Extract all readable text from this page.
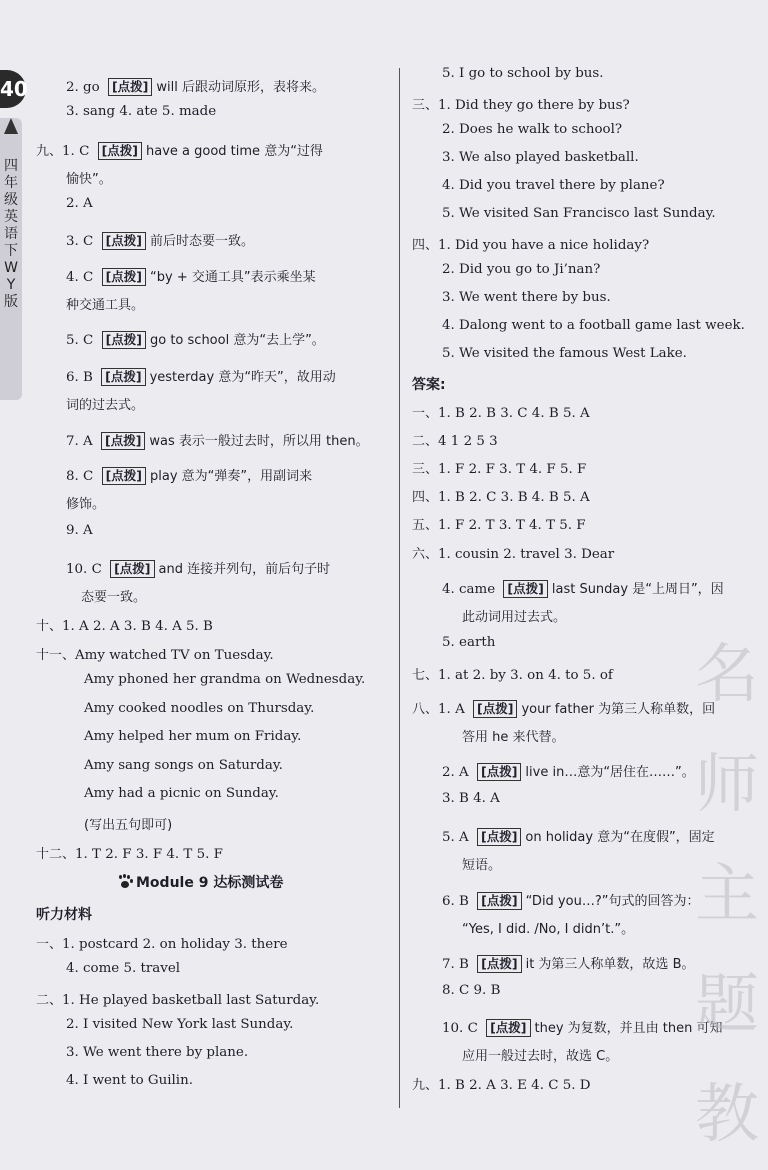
40
四年级英语下WY版
2. go [点拨] will 后跟动词原形，表将来。
3. sang 4. ate 5. made
九、1. C [点拨] have a good time 意为“过得
愉快”。
2. A
3. C [点拨] 前后时态要一致。
4. C [点拨] “by + 交通工具”表示乘坐某
种交通工具。
5. C [点拨] go to school 意为“去上学”。
6. B [点拨] yesterday 意为“昨天”，故用动
词的过去式。
7. A [点拨] was 表示一般过去时，所以用 then。
8. C [点拨] play 意为“弹奏”，用副词来
修饰。
9. A
10. C [点拨] and 连接并列句，前后句子时
态要一致。
十、1. A 2. A 3. B 4. A 5. B
十一、Amy watched TV on Tuesday.
Amy phoned her grandma on Wednesday.
Amy cooked noodles on Thursday.
Amy helped her mum on Friday.
Amy sang songs on Saturday.
Amy had a picnic on Sunday.
(写出五句即可)
十二、1. T 2. F 3. F 4. T 5. F
Module 9 达标测试卷
听力材料
一、1. postcard 2. on holiday 3. there
4. come 5. travel
二、1. He played basketball last Saturday.
2. I visited New York last Sunday.
3. We went there by plane.
4. I went to Guilin.
5. I go to school by bus.
三、1. Did they go there by bus?
2. Does he walk to school?
3. We also played basketball.
4. Did you travel there by plane?
5. We visited San Francisco last Sunday.
四、1. Did you have a nice holiday?
2. Did you go to Ji’nan?
3. We went there by bus.
4. Dalong went to a football game last week.
5. We visited the famous West Lake.
答案:
一、1. B 2. B 3. C 4. B 5. A
二、4 1 2 5 3
三、1. F 2. F 3. T 4. F 5. F
四、1. B 2. C 3. B 4. B 5. A
五、1. F 2. T 3. T 4. T 5. F
六、1. cousin 2. travel 3. Dear
4. came [点拨] last Sunday 是“上周日”，因
此动词用过去式。
5. earth
七、1. at 2. by 3. on 4. to 5. of
八、1. A [点拨] your father 为第三人称单数，回
答用 he 来代替。
2. A [点拨] live in…意为“居住在……”。
3. B 4. A
5. A [点拨] on holiday 意为“在度假”，固定
短语。
6. B [点拨] “Did you…?”句式的回答为：
“Yes, I did. /No, I didn’t.”。
7. B [点拨] it 为第三人称单数，故选 B。
8. C 9. B
10. C [点拨] they 为复数，并且由 then 可知
应用一般过去时，故选 C。
九、1. B 2. A 3. E 4. C 5. D
名师主题教
